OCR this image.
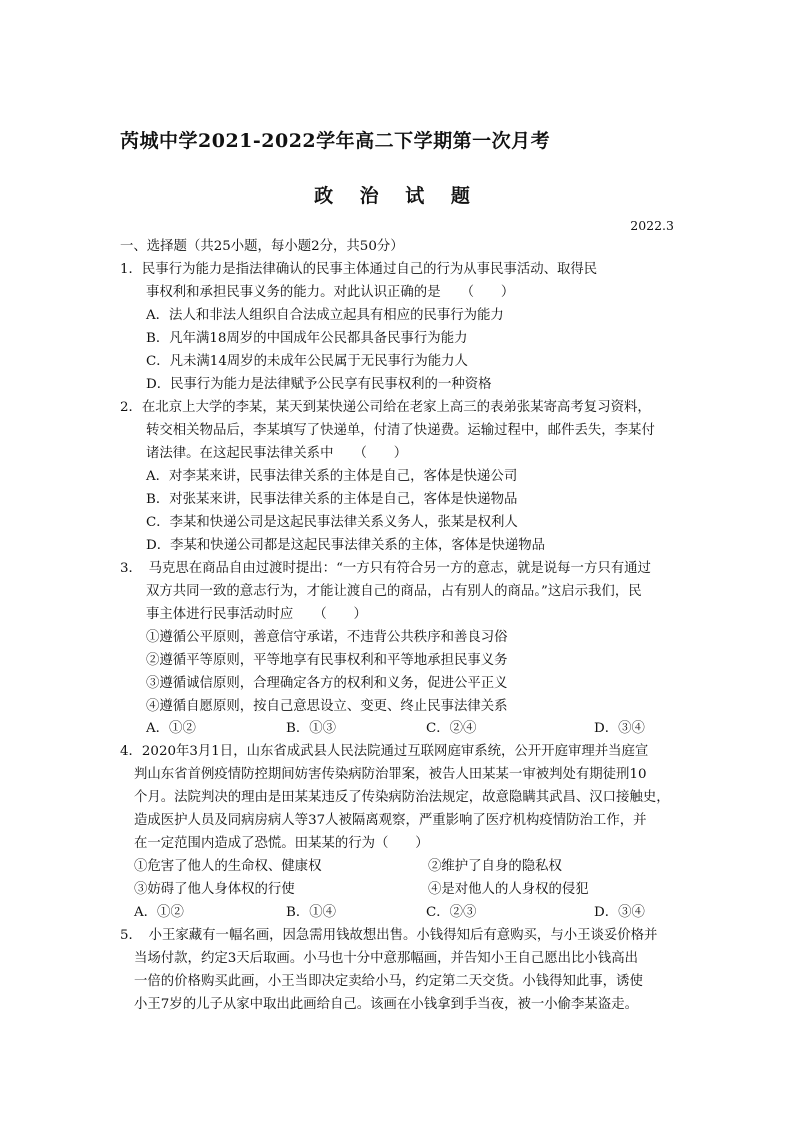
芮城中学2021-2022学年高二下学期第一次月考
政 治 试 题
2022.3
一、选择题（共25小题，每小题2分，共50分）
1．民事行为能力是指法律确认的民事主体通过自己的行为从事民事活动、取得民
事权利和承担民事义务的能力。对此认识正确的是　　（　　）
A．法人和非法人组织自合法成立起具有相应的民事行为能力
B．凡年满18周岁的中国成年公民都具备民事行为能力
C．凡未满14周岁的未成年公民属于无民事行为能力人
D．民事行为能力是法律赋予公民享有民事权利的一种资格
2．在北京上大学的李某，某天到某快递公司给在老家上高三的表弟张某寄高考复习资料，
转交相关物品后，李某填写了快递单，付清了快递费。运输过程中，邮件丢失，李某付
诸法律。在这起民事法律关系中　　（　　）
A．对李某来讲，民事法律关系的主体是自己，客体是快递公司
B．对张某来讲，民事法律关系的主体是自己，客体是快递物品
C．李某和快递公司是这起民事法律关系义务人，张某是权利人
D．李某和快递公司都是这起民事法律关系的主体，客体是快递物品
3．　马克思在商品自由过渡时提出：“一方只有符合另一方的意志，就是说每一方只有通过
双方共同一致的意志行为，才能让渡自己的商品，占有别人的商品。”这启示我们，民
事主体进行民事活动时应　　（　　）
①遵循公平原则，善意信守承诺，不违背公共秩序和善良习俗
②遵循平等原则，平等地享有民事权利和平等地承担民事义务
③遵循诚信原则，合理确定各方的权利和义务，促进公平正义
④遵循自愿原则，按自己意思设立、变更、终止民事法律关系
A．①②	B．①③	C．②④	D．③④
4．2020年3月1日，山东省成武县人民法院通过互联网庭审系统，公开开庭审理并当庭宣
判山东省首例疫情防控期间妨害传染病防治罪案，被告人田某某一审被判处有期徒刑10
个月。法院判决的理由是田某某违反了传染病防治法规定，故意隐瞒其武昌、汉口接触史，
造成医护人员及同病房病人等37人被隔离观察，严重影响了医疗机构疫情防治工作，并
在一定范围内造成了恐慌。田某某的行为（　　）
①危害了他人的生命权、健康权	②维护了自身的隐私权
③妨碍了他人身体权的行使	④是对他人的人身权的侵犯
A．①②	B．①④	C．②③	D．③④
5．　小王家藏有一幅名画，因急需用钱故想出售。小钱得知后有意购买，与小王谈妥价格并
当场付款，约定3天后取画。小马也十分中意那幅画，并告知小王自己愿出比小钱高出
一倍的价格购买此画，小王当即决定卖给小马，约定第二天交货。小钱得知此事，诱使
小王7岁的儿子从家中取出此画给自己。该画在小钱拿到手当夜，被一小偷李某盗走。
